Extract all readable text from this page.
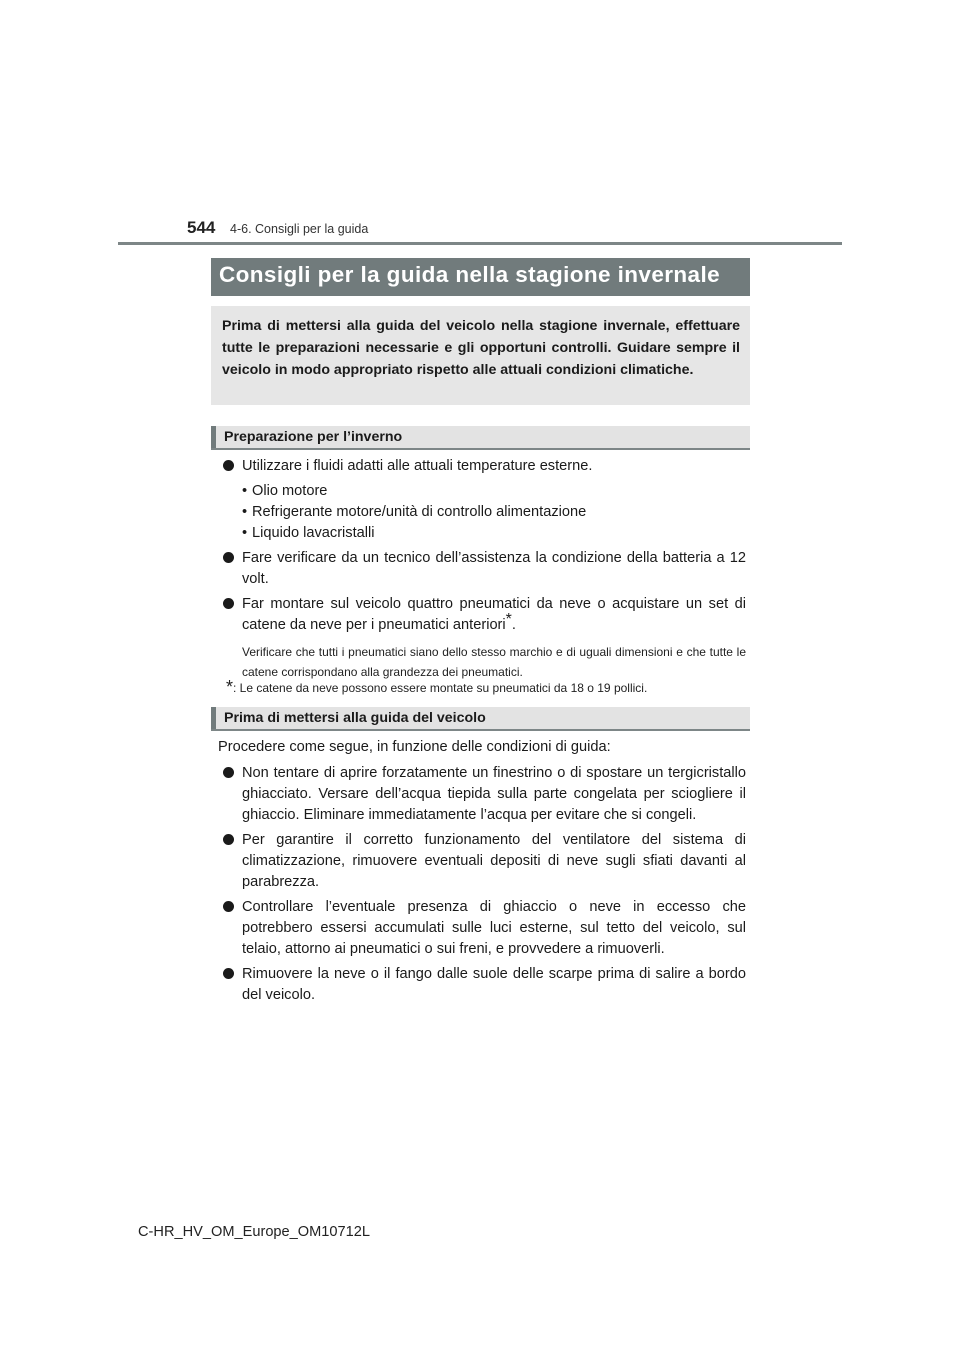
544 4-6. Consigli per la guida
Consigli per la guida nella stagione invernale

Prima di mettersi alla guida del veicolo nella stagione invernale, effettuare tutte le preparazioni necessarie e gli opportuni controlli. Guidare sempre il veicolo in modo appropriato rispetto alle attuali condizioni climatiche.

Preparazione per l’inverno
Utilizzare i fluidi adatti alle attuali temperature esterne.
• Olio motore
• Refrigerante motore/unità di controllo alimentazione
• Liquido lavacristalli
Fare verificare da un tecnico dell’assistenza la condizione della batteria a 12 volt.
Far montare sul veicolo quattro pneumatici da neve o acquistare un set di catene da neve per i pneumatici anteriori*.
Verificare che tutti i pneumatici siano dello stesso marchio e di uguali dimensioni e che tutte le catene corrispondano alla grandezza dei pneumatici.
*: Le catene da neve possono essere montate su pneumatici da 18 o 19 pollici.
Prima di mettersi alla guida del veicolo
Procedere come segue, in funzione delle condizioni di guida:
Non tentare di aprire forzatamente un finestrino o di spostare un tergicristallo ghiacciato. Versare dell’acqua tiepida sulla parte congelata per sciogliere il ghiaccio. Eliminare immediatamente l’acqua per evitare che si congeli.
Per garantire il corretto funzionamento del ventilatore del sistema di climatizzazione, rimuovere eventuali depositi di neve sugli sfiati davanti al parabrezza.
Controllare l’eventuale presenza di ghiaccio o neve in eccesso che potrebbero essersi accumulati sulle luci esterne, sul tetto del veicolo, sul telaio, attorno ai pneumatici o sui freni, e provvedere a rimuoverli.
Rimuovere la neve o il fango dalle suole delle scarpe prima di salire a bordo del veicolo.
C-HR_HV_OM_Europe_OM10712L
